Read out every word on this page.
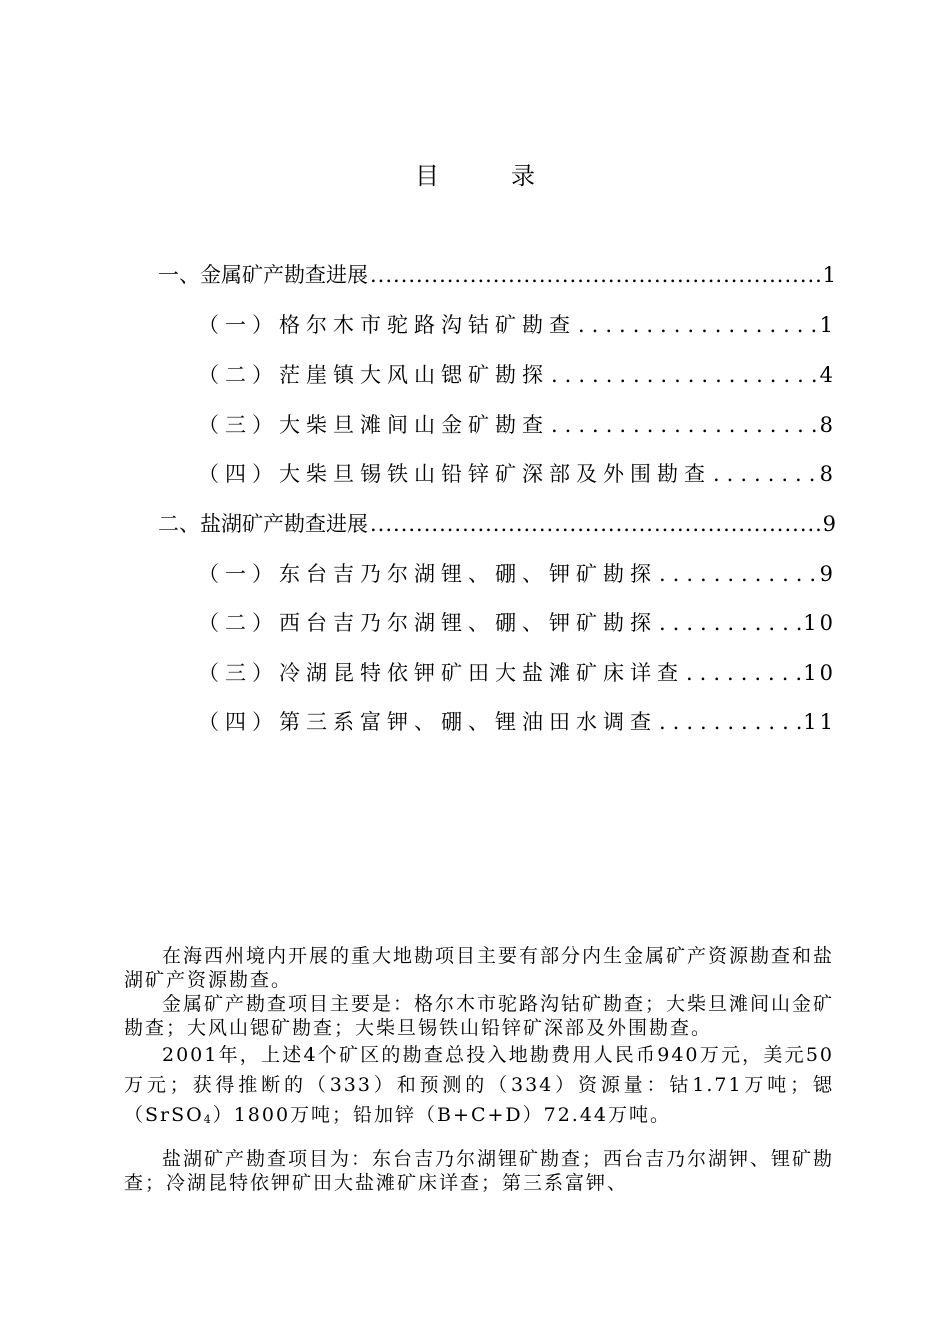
目	录
一、金属矿产勘查进展 .....	1
（一）格尔木市驼路沟钴矿勘查 .....	1
（二）茫崖镇大风山锶矿勘探 .....	4
（三）大柴旦滩间山金矿勘查 .....	8
（四）大柴旦锡铁山铅锌矿深部及外围勘查 .....	8
二、盐湖矿产勘查进展 .....	9
（一）东台吉乃尔湖锂、硼、钾矿勘探 .....	9
（二）西台吉乃尔湖锂、硼、钾矿勘探 .....	10
（三）冷湖昆特依钾矿田大盐滩矿床详查 .....	10
（四）第三系富钾、硼、锂油田水调查 .....	11

在海西州境内开展的重大地勘项目主要有部分内生金属矿产资源勘查和盐湖矿产资源勘查。

金属矿产勘查项目主要是：格尔木市驼路沟钴矿勘查；大柴旦滩间山金矿勘查；大风山锶矿勘查；大柴旦锡铁山铅锌矿深部及外围勘查。

2001年，上述4个矿区的勘查总投入地勘费用人民币940万元，美元50万元；获得推断的（333）和预测的（334）资源量：钴1.71万吨；锶（SrSO$_4$）1800万吨；铅加锌（B+C+D）72.44万吨。

盐湖矿产勘查项目为：东台吉乃尔湖锂矿勘查；西台吉乃尔湖钾、锂矿勘查；冷湖昆特依钾矿田大盐滩矿床详查；第三系富钾、
